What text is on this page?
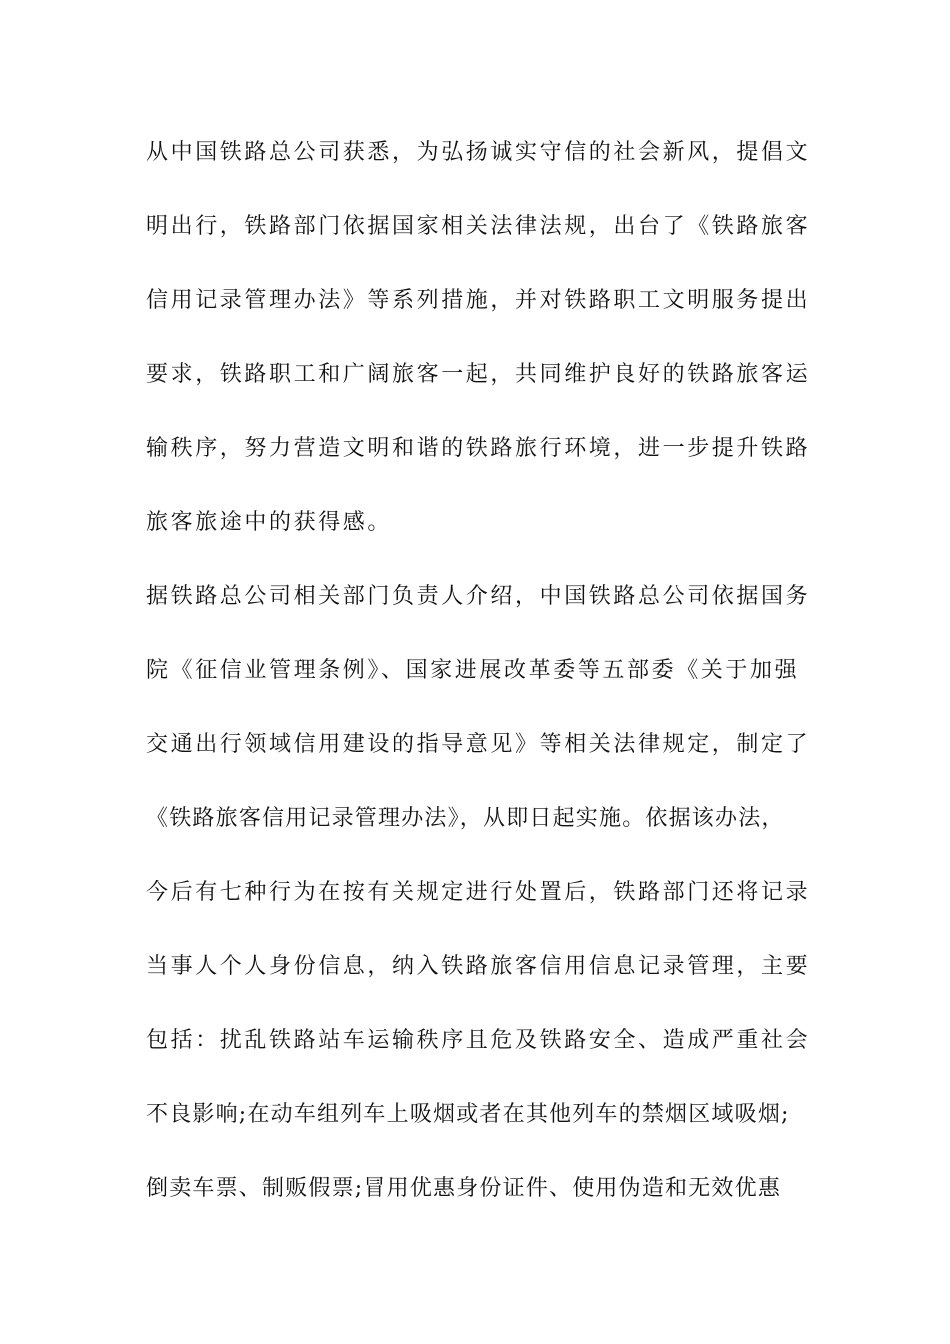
从中国铁路总公司获悉，为弘扬诚实守信的社会新风，提倡文
明出行，铁路部门依据国家相关法律法规，出台了《铁路旅客
信用记录管理办法》等系列措施，并对铁路职工文明服务提出
要求，铁路职工和广阔旅客一起，共同维护良好的铁路旅客运
输秩序，努力营造文明和谐的铁路旅行环境，进一步提升铁路
旅客旅途中的获得感。
据铁路总公司相关部门负责人介绍，中国铁路总公司依据国务
院《征信业管理条例》、国家进展改革委等五部委《关于加强
交通出行领域信用建设的指导意见》等相关法律规定，制定了
《铁路旅客信用记录管理办法》，从即日起实施。依据该办法，
今后有七种行为在按有关规定进行处置后，铁路部门还将记录
当事人个人身份信息，纳入铁路旅客信用信息记录管理，主要
包括：扰乱铁路站车运输秩序且危及铁路安全、造成严重社会
不良影响;在动车组列车上吸烟或者在其他列车的禁烟区域吸烟;
倒卖车票、制贩假票;冒用优惠身份证件、使用伪造和无效优惠
